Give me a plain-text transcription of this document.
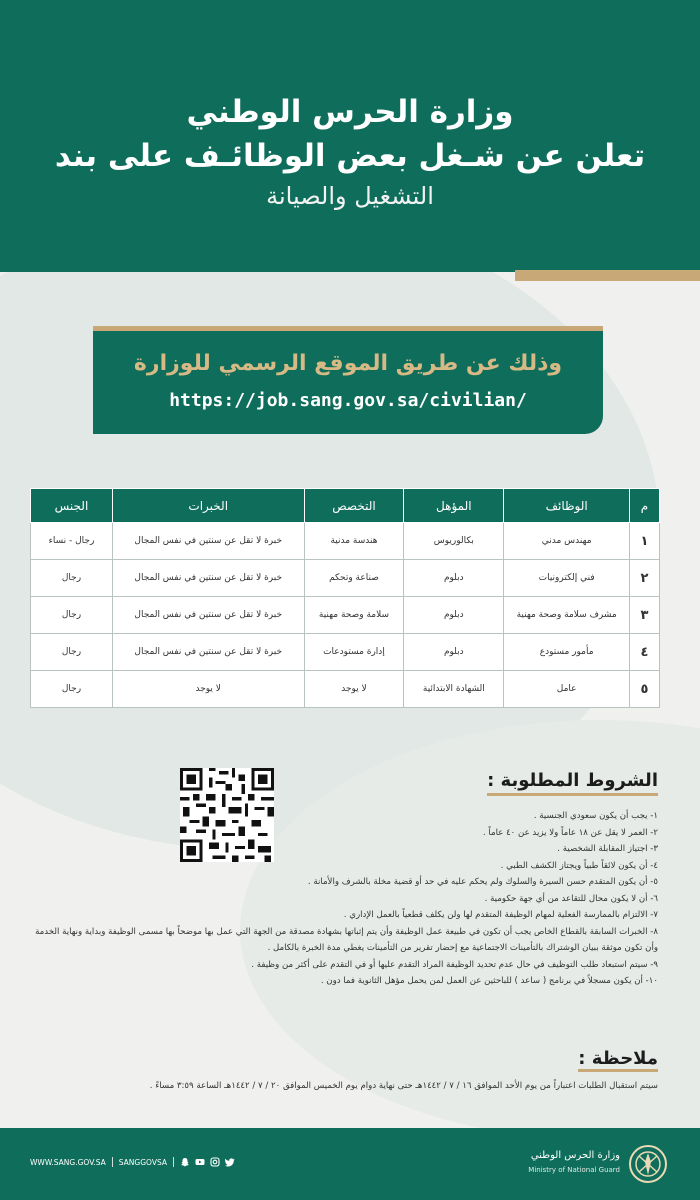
وزارة الحرس الوطني
تعلن عن شـغل بعض الوظائـف على بند
التشغيل والصيانة
وذلك عن طريق الموقع الرسمي للوزارة
https://job.sang.gov.sa/civilian/
م	الوظائف	المؤهل	التخصص	الخبرات	الجنس
١	مهندس مدني	بكالوريوس	هندسة مدنية	خبرة لا تقل عن سنتين في نفس المجال	رجال - نساء
٢	فني إلكترونيات	دبلوم	صناعة وتحكم	خبرة لا تقل عن سنتين في نفس المجال	رجال
٣	مشرف سلامة وصحة مهنية	دبلوم	سلامة وصحة مهنية	خبرة لا تقل عن سنتين في نفس المجال	رجال
٤	مأمور مستودع	دبلوم	إدارة مستودعات	خبرة لا تقل عن سنتين في نفس المجال	رجال
٥	عامل	الشهادة الابتدائية	لا يوجد	لا يوجد	رجال
الشروط المطلوبة :
١- يجب أن يكون سعودي الجنسية .
٢- العمر لا يقل عن ١٨ عاماً ولا يزيد عن ٤٠ عاماً .
٣- اجتياز المقابلة الشخصية .
٤- أن يكون لائقاً طبياً ويجتاز الكشف الطبي .
٥- أن يكون المتقدم حسن السيرة والسلوك ولم يحكم عليه في حد أو قضية مخلة بالشرف والأمانة .
٦- أن لا يكون محال للتقاعد من أي جهة حكومية .
٧- الالتزام بالممارسة الفعلية لمهام الوظيفة المتقدم لها ولن يكلف قطعياً بالعمل الإداري .
٨- الخبرات السابقة بالقطاع الخاص يجب أن تكون في طبيعة عمل الوظيفة وأن يتم إثباتها بشهادة مصدقة من الجهة التي عمل بها موضحاً بها مسمى الوظيفة وبداية ونهاية الخدمة وأن تكون موثقة ببيان الوشتراك بالتأمينات الاجتماعية مع إحضار تقرير من التأمينات يغطي مدة الخبرة بالكامل .
٩- سيتم استبعاد طلب التوظيف في حال عدم تحديد الوظيفة المراد التقدم عليها أو في التقدم على أكثر من وظيفة .
١٠- أن يكون مسجلاً في برنامج ( ساعد ) للباحثين عن العمل لمن يحمل مؤهل الثانوية فما دون .
ملاحظة :
سيتم استقبال الطلبات اعتباراً من يوم الأحد الموافق ١٦ / ٧ / ١٤٤٢هـ حتى نهاية دوام يوم الخميس الموافق ٢٠ / ٧ / ١٤٤٢هـ الساعة ٣:٥٩ مساءً .
وزارة الحرس الوطني
Ministry of National Guard
WWW.SANG.GOV.SA SANGGOVSA
